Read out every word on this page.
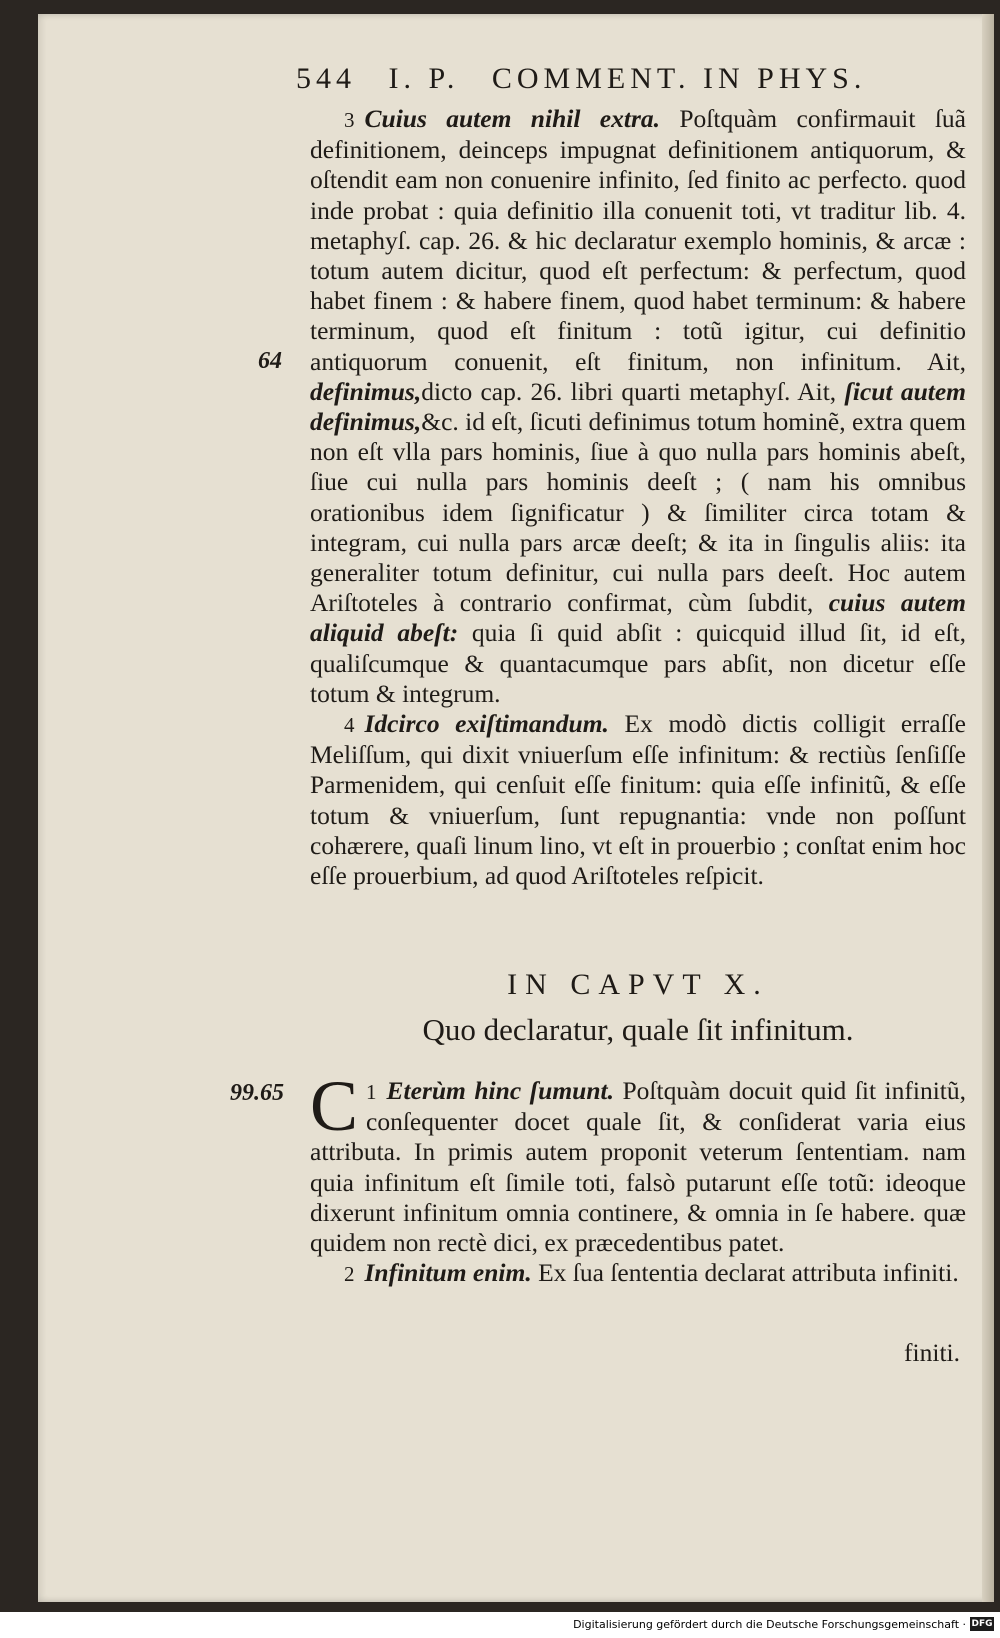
544 I. P. COMMENT. IN PHYS.
64
99.65

3 Cuius autem nihil extra. Poſtquàm confirmauit ſuã definitionem, deinceps impugnat definitionem antiquorum, & oſtendit eam non conuenire infinito, ſed finito ac perfecto. quod inde probat : quia definitio illa conuenit toti, vt traditur lib. 4. metaphyſ. cap. 26. & hic declaratur exemplo hominis, & arcæ : totum autem dicitur, quod eſt perfectum: & perfectum, quod habet finem : & habere finem, quod habet terminum: & habere terminum, quod eſt finitum : totũ igitur, cui definitio antiquorum conuenit, eſt finitum, non infinitum. Ait, definimus,dicto cap. 26. libri quarti metaphyſ. Ait, ſicut autem definimus,&c. id eſt, ſicuti definimus totum hominẽ, extra quem non eſt vlla pars hominis, ſiue à quo nulla pars hominis abeſt, ſiue cui nulla pars hominis deeſt ; ( nam his omnibus orationibus idem ſignificatur ) & ſimiliter circa totam & integram, cui nulla pars arcæ deeſt; & ita in ſingulis aliis: ita generaliter totum definitur, cui nulla pars deeſt. Hoc autem Ariſtoteles à contrario confirmat, cùm ſubdit, cuius autem aliquid abeſt: quia ſi quid abſit : quicquid illud ſit, id eſt, qualiſcumque & quantacumque pars abſit, non dicetur eſſe totum & integrum.

4 Idcirco exiſtimandum. Ex modò dictis colligit erraſſe Meliſſum, qui dixit vniuerſum eſſe infinitum: & rectiùs ſenſiſſe Parmenidem, qui cenſuit eſſe finitum: quia eſſe infinitũ, & eſſe totum & vniuerſum, ſunt repugnantia: vnde non poſſunt cohærere, quaſi linum lino, vt eſt in prouerbio ; conſtat enim hoc eſſe prouerbium, ad quod Ariſtoteles reſpicit.

IN CAPVT X.
Quo declaratur, quale ſit infinitum.

1
C Eterùm hinc ſumunt. Poſtquàm docuit quid ſit infinitũ, conſequenter docet quale ſit, & conſiderat varia eius attributa. In primis autem proponit veterum ſententiam. nam quia infinitum eſt ſimile toti, falsò putarunt eſſe totũ: ideoque dixerunt infinitum omnia continere, & omnia in ſe habere. quæ quidem non rectè dici, ex præcedentibus patet.

2 Infinitum enim. Ex ſua ſententia declarat attributa infiniti.

finiti.
Digitalisierung gefördert durch die Deutsche Forschungsgemeinschaft · DFG
